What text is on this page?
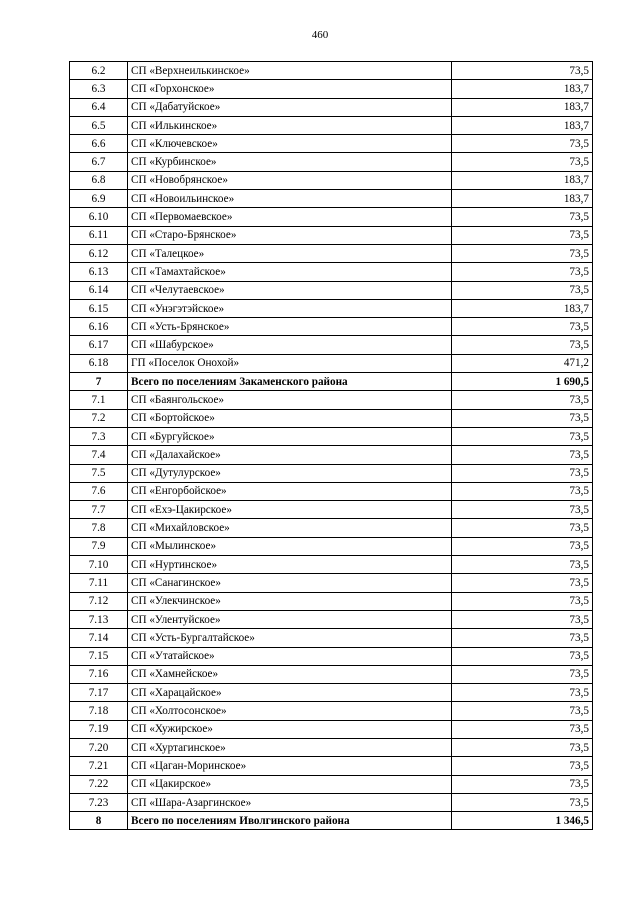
460
6.2	СП «Верхнеилькинское»	73,5
6.3	СП «Горхонское»	183,7
6.4	СП «Дабатуйское»	183,7
6.5	СП «Илькинское»	183,7
6.6	СП «Ключевское»	73,5
6.7	СП «Курбинское»	73,5
6.8	СП «Новобрянское»	183,7
6.9	СП «Новоильинское»	183,7
6.10	СП «Первомаевское»	73,5
6.11	СП «Старо-Брянское»	73,5
6.12	СП «Талецкое»	73,5
6.13	СП «Тамахтайское»	73,5
6.14	СП «Челутаевское»	73,5
6.15	СП «Унэгэтэйское»	183,7
6.16	СП «Усть-Брянское»	73,5
6.17	СП «Шабурское»	73,5
6.18	ГП «Поселок Онохой»	471,2
7	Всего по поселениям Закаменского района	1 690,5
7.1	СП «Баянгольское»	73,5
7.2	СП «Бортойское»	73,5
7.3	СП «Бургуйское»	73,5
7.4	СП «Далахайское»	73,5
7.5	СП «Дутулурское»	73,5
7.6	СП «Енгорбойское»	73,5
7.7	СП «Ехэ-Цакирское»	73,5
7.8	СП «Михайловское»	73,5
7.9	СП «Мылинское»	73,5
7.10	СП «Нуртинское»	73,5
7.11	СП «Санагинское»	73,5
7.12	СП «Улекчинское»	73,5
7.13	СП «Улентуйское»	73,5
7.14	СП «Усть-Бургалтайское»	73,5
7.15	СП «Утатайское»	73,5
7.16	СП «Хамнейское»	73,5
7.17	СП «Харацайское»	73,5
7.18	СП «Холтосонское»	73,5
7.19	СП «Хужирское»	73,5
7.20	СП «Хуртагинское»	73,5
7.21	СП «Цаган-Моринское»	73,5
7.22	СП «Цакирское»	73,5
7.23	СП «Шара-Азаргинское»	73,5
8	Всего по поселениям Иволгинского района	1 346,5
